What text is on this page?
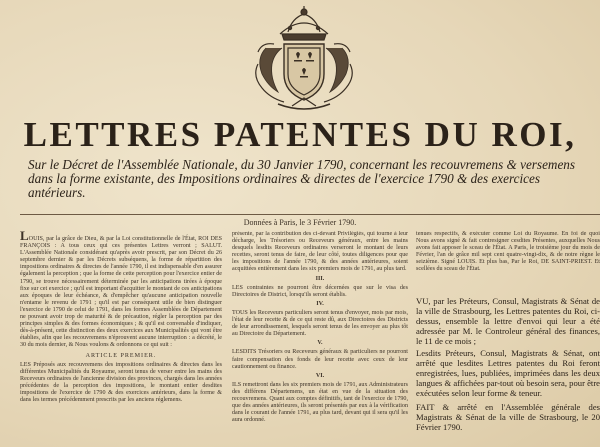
LETTRES PATENTES DU ROI,
Sur le Décret de l'Assemblée Nationale, du 30 Janvier 1790, concernant les recouvremens & versemens
dans la forme existante, des Impositions ordinaires & directes de l'exercice 1790 & des exercices
antérieurs.

Données à Paris, le 3 Février 1790.

LOUIS, par la grâce de Dieu, & par la Loi constitutionnelle de l'État, ROI DES FRANÇOIS : A tous ceux qui ces présentes Lettres verront ; SALUT. L'Assemblée Nationale considérant qu'après avoir prescrit, par son Décret du 26 septembre dernier & par les Décrets subséquens, la forme de répartition des impositions ordinaires & directes de l'année 1790, il est indispensable d'en assurer également la perception ; que la forme de cette perception pour l'exercice entier de 1790, se trouve nécessairement déterminée par les anticipations tirées à époque fixe sur cet exercice ; qu'il est important d'acquitter le montant de ces anticipations aux époques de leur échéance, & d'empêcher qu'aucune anticipation nouvelle n'entame le revenu de 1791 ; qu'il est par conséquent utile de bien distinguer l'exercice de 1790 de celui de 1791, dans les formes Assemblées de Département ne pouvant avoir trop de maturité & de précaution, régler la perception par des principes simples & des formes économiques ; & qu'il est convenable d'indiquer, dès-à-présent, cette distinction des deux exercices aux Municipalités qui vont être établies, afin que les recouvremens n'éprouvent aucune interruption : a décrété, le 30 du mois dernier, & Nous voulons & ordonnons ce qui suit :

ARTICLE PREMIER.

LES Préposés aux recouvremens des impositions ordinaires & directes dans les différentes Municipalités du Royaume, seront tenus de verser entre les mains des Receveurs ordinaires de l'ancienne division des provinces, chargés dans les années précédentes de la perception des impositions, le montant entier desdites impositions de l'exercice de 1790 & des exercices antérieurs, dans la forme & dans les termes précédemment prescrits par les anciens réglemens.

présente, par la contribution des ci-devant Privilégiés, qui tourne à leur décharge, les Trésoriers ou Receveurs généraux, entre les mains desquels lesdits Receveurs ordinaires verseront le montant de leurs recettes, seront tenus de faire, de leur côté, toutes diligences pour que les impositions de l'année 1790, & des années antérieures, soient acquittées entièrement dans les six premiers mois de 1791, au plus tard.

III.

LES contraintes ne pourront être décernées que sur le visa des Directoires de District, lorsqu'ils seront établis.

IV.

TOUS les Receveurs particuliers seront tenus d'envoyer, mois par mois, l'état de leur recette & de ce qui reste dû, aux Directoires des Districts de leur arrondissement, lesquels seront tenus de les envoyer au plus tôt au Directoire du Département.

V.

LESDITS Trésoriers ou Receveurs généraux & particuliers ne pourront faire compensation des fonds de leur recette avec ceux de leur cautionnement ou finance.

VI.

ILS remettront dans les six premiers mois de 1791, aux Administrateurs des différens Départemens, un état en vue de la situation des recouvremens. Quant aux comptes définitifs, tant de l'exercice de 1790, que des années antérieures, ils seront présentés par eux à la vérification dans le courant de l'année 1791, au plus tard, devant qui il sera qu'il les aura ordonné.

tenues respectifs, & exécuter comme Loi du Royaume. En foi de quoi Nous avons signé & fait contresigner cesdites Présentes, auxquelles Nous avons fait apposer le sceau de l'État. A Paris, le troisième jour du mois de Février, l'an de grâce mil sept cent quatre-vingt-dix, & de notre règne le seizième. Signé LOUIS. Et plus bas, Par le Roi, DE SAINT-PRIEST. Et scellées du sceau de l'État.

VU, par les Préteurs, Consul, Magistrats & Sénat de la ville de Strasbourg, les Lettres patentes du Roi, ci-dessus, ensemble la lettre d'envoi qui leur a été adressée par M. le Controleur général des finances, le 11 de ce mois ;

Lesdits Préteurs, Consul, Magistrats & Sénat, ont arrêté que lesdites Lettres patentes du Roi feront enregistrées, lues, publiées, imprimées dans les deux langues & affichées par-tout où besoin sera, pour être exécutées selon leur forme & teneur.

FAIT & arrêté en l'Assemblée générale des Magistrats & Sénat de la ville de Strasbourg, le 20 Février 1790.
